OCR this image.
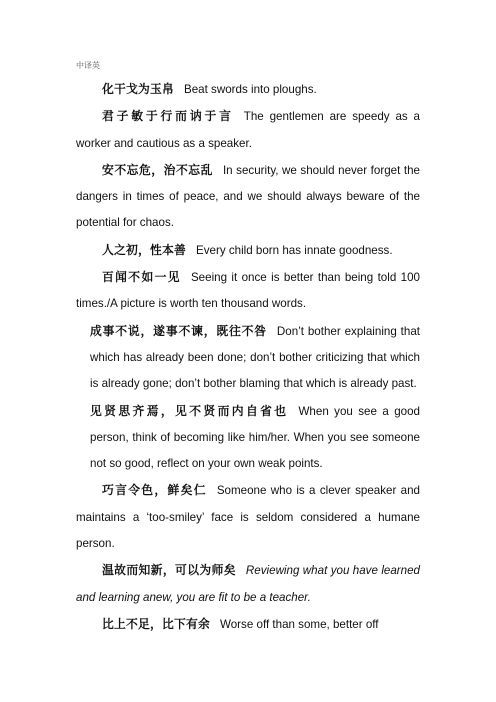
中译英

化干戈为玉帛 Beat swords into ploughs.

君子敏于行而讷于言 The gentlemen are speedy as a worker and cautious as a speaker.

安不忘危，治不忘乱 In security, we should never forget the dangers in times of peace, and we should always beware of the potential for chaos.

人之初，性本善 Every child born has innate goodness.

百闻不如一见 Seeing it once is better than being told 100 times./A picture is worth ten thousand words.

成事不说，遂事不谏，既往不咎 Don’t bother explaining that which has already been done; don’t bother criticizing that which is already gone; don’t bother blaming that which is already past.

见贤思齐焉，见不贤而内自省也 When you see a good person, think of becoming like him/her. When you see someone not so good, reflect on your own weak points.

巧言令色，鲜矣仁 Someone who is a clever speaker and maintains a ‘too-smiley’ face is seldom considered a humane person.

温故而知新，可以为师矣 Reviewing what you have learned and learning anew, you are fit to be a teacher.

比上不足，比下有余 Worse off than some, better off
